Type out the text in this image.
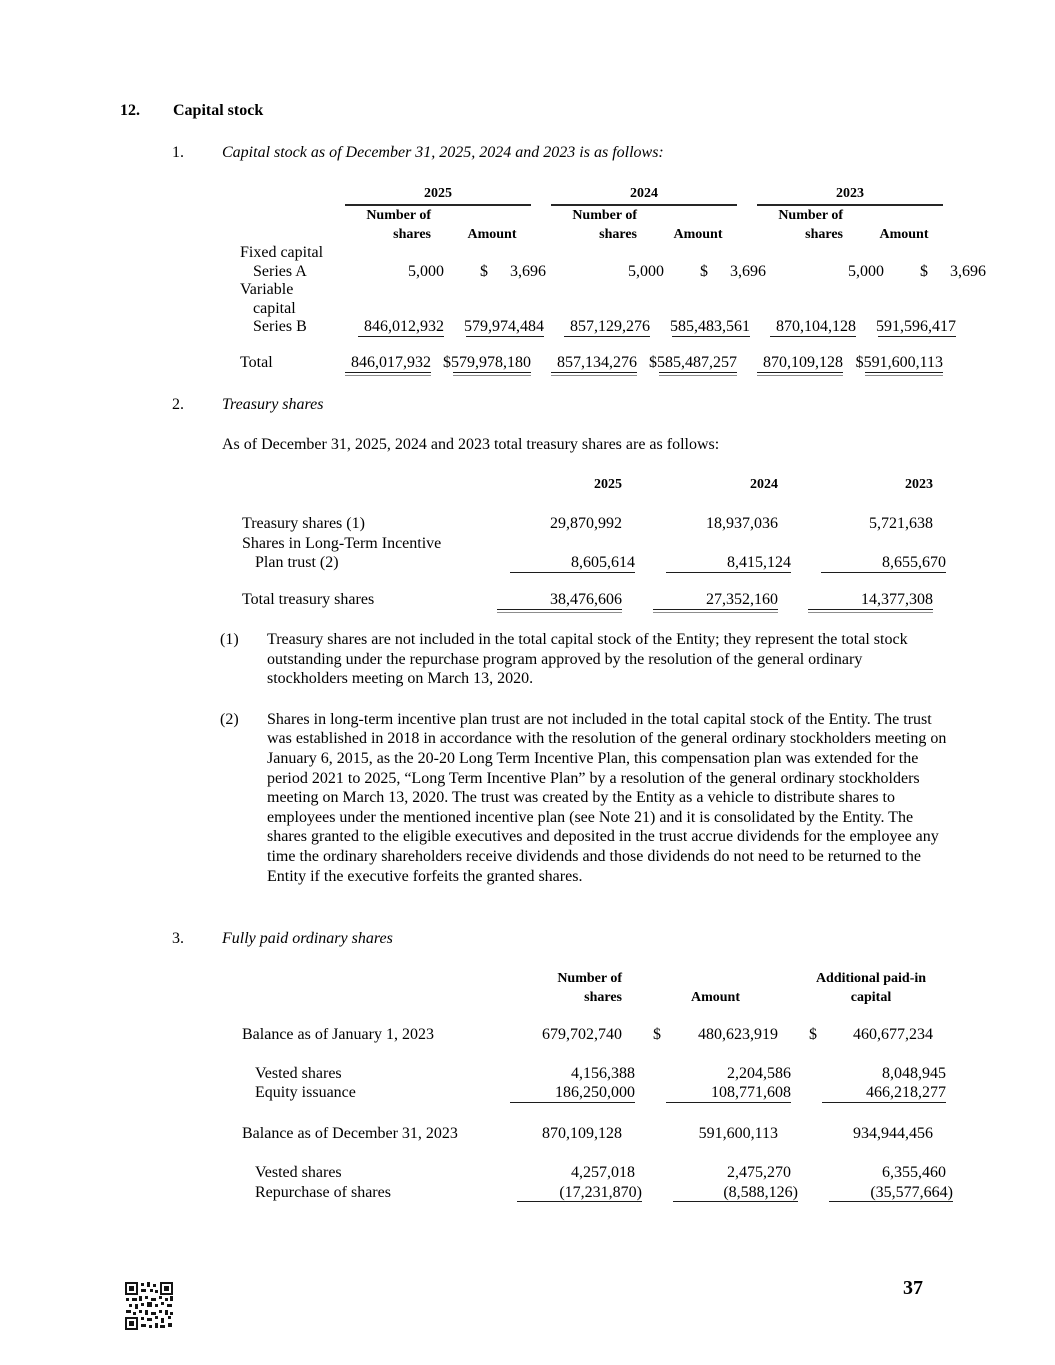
12. Capital stock
1. Capital stock as of December 31, 2025, 2024 and 2023 is as follows:
2025	2024	2023
Number of	Number of	Number of
shares	Amount	shares	Amount	shares	Amount
Fixed capital
Series A	5,000	$ 3,696	5,000	$ 3,696	5,000	$ 3,696
Variable
capital
Series B	846,012,932 579,974,484	857,129,276 585,483,561	870,104,128 591,596,417
Total	846,017,932 $579,978,180	857,134,276 $585,487,257	870,109,128 $591,600,113
2. Treasury shares
As of December 31, 2025, 2024 and 2023 total treasury shares are as follows:
2025	2024	2023
Treasury shares (1)	29,870,992	18,937,036	5,721,638
Shares in Long-Term Incentive
Plan trust (2)	8,605,614	8,415,124	8,655,670
Total treasury shares	38,476,606	27,352,160	14,377,308
(1)	Treasury shares are not included in the total capital stock of the Entity; they represent the total stock outstanding under the repurchase program approved by the resolution of the general ordinary stockholders meeting on March 13, 2020.
(2)	Shares in long-term incentive plan trust are not included in the total capital stock of the Entity. The trust was established in 2018 in accordance with the resolution of the general ordinary stockholders meeting on January 6, 2015, as the 20-20 Long Term Incentive Plan, this compensation plan was extended for the period 2021 to 2025, “Long Term Incentive Plan” by a resolution of the general ordinary stockholders meeting on March 13, 2020. The trust was created by the Entity as a vehicle to distribute shares to employees under the mentioned incentive plan (see Note 21) and it is consolidated by the Entity. The shares granted to the eligible executives and deposited in the trust accrue dividends for the employee any time the ordinary shareholders receive dividends and those dividends do not need to be returned to the Entity if the executive forfeits the granted shares.
3. Fully paid ordinary shares
Number of	Additional paid-in
shares	Amount	capital
Balance as of January 1, 2023	679,702,740 $ 480,623,919 $ 460,677,234
Vested shares	4,156,388	2,204,586	8,048,945
Equity issuance	186,250,000	108,771,608	466,218,277
Balance as of December 31, 2023	870,109,128	591,600,113	934,944,456
Vested shares	4,257,018	2,475,270	6,355,460
Repurchase of shares	(17,231,870)	(8,588,126)	(35,577,664)
37
